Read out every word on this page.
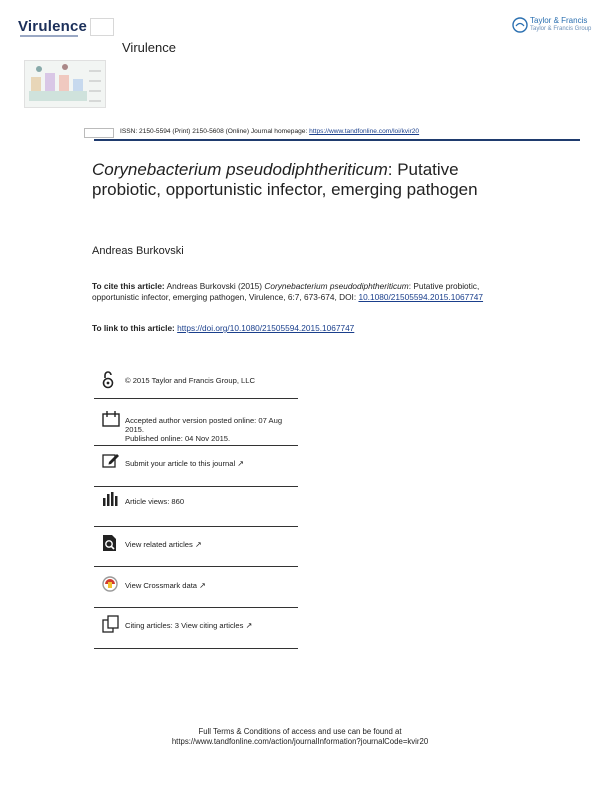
Virulence
Virulence
Taylor & Francis
Taylor & Francis Group
ISSN: 2150-5594 (Print) 2150-5608 (Online) Journal homepage: https://www.tandfonline.com/loi/kvir20
Corynebacterium pseudodiphtheriticum: Putative probiotic, opportunistic infector, emerging pathogen
Andreas Burkovski
To cite this article: Andreas Burkovski (2015) Corynebacterium pseudodiphtheriticum: Putative probiotic, opportunistic infector, emerging pathogen, Virulence, 6:7, 673-674, DOI: 10.1080/21505594.2015.1067747
To link to this article: https://doi.org/10.1080/21505594.2015.1067747
© 2015 Taylor and Francis Group, LLC
Accepted author version posted online: 07 Aug 2015.
Published online: 04 Nov 2015.
Submit your article to this journal ↗
Article views: 860
View related articles ↗
View Crossmark data ↗
Citing articles: 3 View citing articles ↗
Full Terms & Conditions of access and use can be found at
https://www.tandfonline.com/action/journalInformation?journalCode=kvir20
